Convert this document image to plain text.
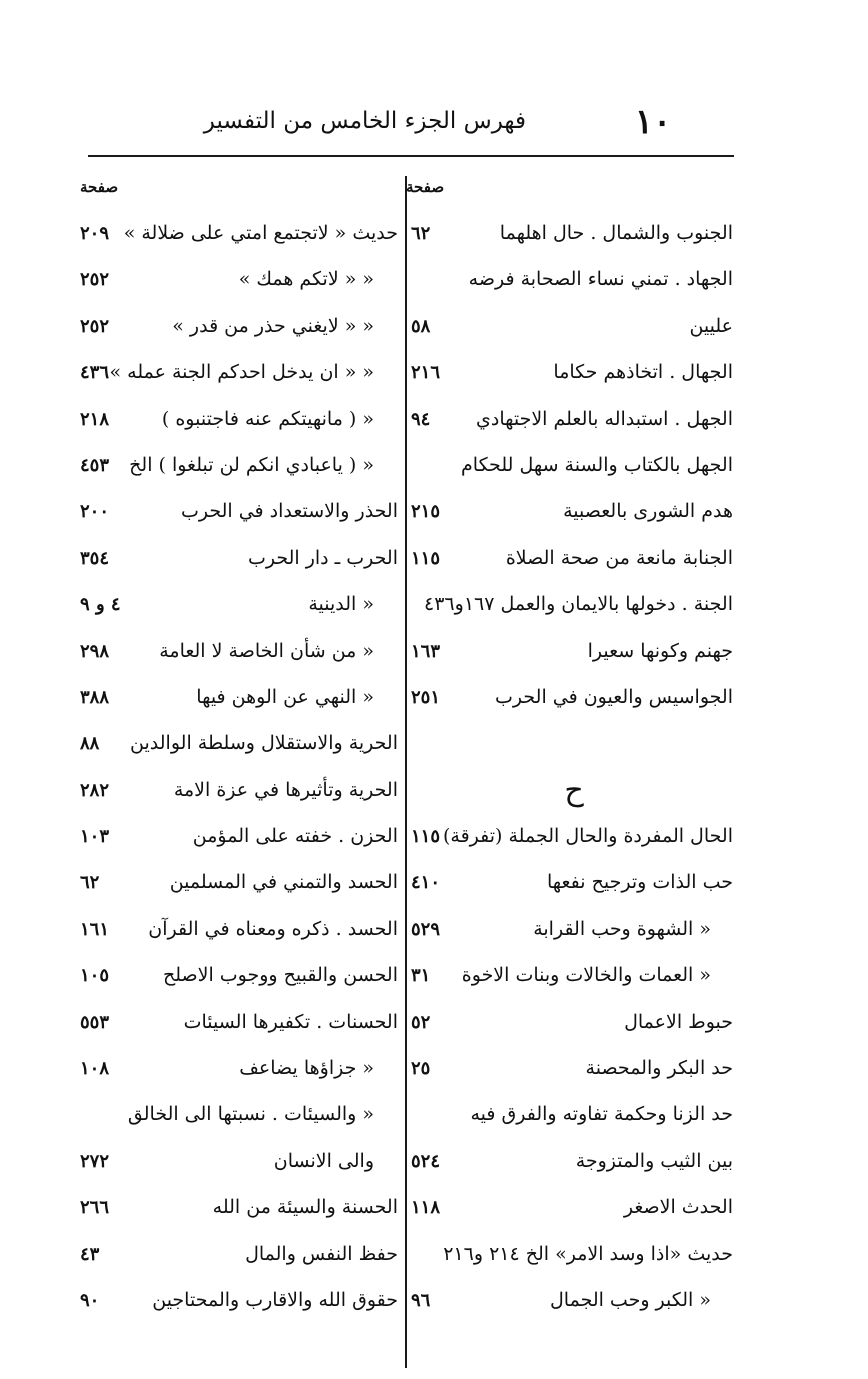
١٠
فهرس الجزء الخامس من التفسير
صفحة
صفحة
الجنوب والشمال . حال اهلهما
٦٢
الجهاد . تمني نساء الصحابة فرضه
عليين
٥٨
الجهال . اتخاذهم حكاما
٢١٦
الجهل . استبداله بالعلم الاجتهادي
٩٤
الجهل بالكتاب والسنة سهل للحكام
هدم الشورى بالعصبية
٢١٥
الجنابة مانعة من صحة الصلاة
١١٥
الجنة . دخولها بالايمان والعمل ١٦٧و٤٣٦
جهنم وكونها سعيرا
١٦٣
الجواسيس والعيون في الحرب
٢٥١
ح
الحال المفردة والحال الجملة (تفرقة)
١١٥
حب الذات وترجيح نفعها
٤١٠
« الشهوة وحب القرابة
٥٢٩
« العمات والخالات وبنات الاخوة
٣١
حبوط الاعمال
٥٢
حد البكر والمحصنة
٢٥
حد الزنا وحكمة تفاوته والفرق فيه
بين الثيب والمتزوجة
٥٢٤
الحدث الاصغر
١١٨
حديث «اذا وسد الامر» الخ ٢١٤ و٢١٦
« الكبر وحب الجمال
٩٦
حديث « لاتجتمع امتي على ضلالة »
٢٠٩
« « لاتكم همك »
٢٥٢
« « لايغني حذر من قدر »
٢٥٢
« « ان يدخل احدكم الجنة عمله »
٤٣٦
« ( مانهيتكم عنه فاجتنبوه )
٢١٨
« ( ياعبادي انكم لن تبلغوا ) الخ
٤٥٣
الحذر والاستعداد في الحرب
٢٠٠
الحرب ـ دار الحرب
٣٥٤
« الدينية
٤ و ٩
« من شأن الخاصة لا العامة
٢٩٨
« النهي عن الوهن فيها
٣٨٨
الحرية والاستقلال وسلطة الوالدين
٨٨
الحرية وتأثيرها في عزة الامة
٢٨٢
الحزن . خفته على المؤمن
١٠٣
الحسد والتمني في المسلمين
٦٢
الحسد . ذكره ومعناه في القرآن
١٦١
الحسن والقبيح ووجوب الاصلح
١٠٥
الحسنات . تكفيرها السيئات
٥٥٣
« جزاؤها يضاعف
١٠٨
« والسيئات . نسبتها الى الخالق
والى الانسان
٢٧٢
الحسنة والسيئة من الله
٢٦٦
حفظ النفس والمال
٤٣
حقوق الله والاقارب والمحتاجين
٩٠
